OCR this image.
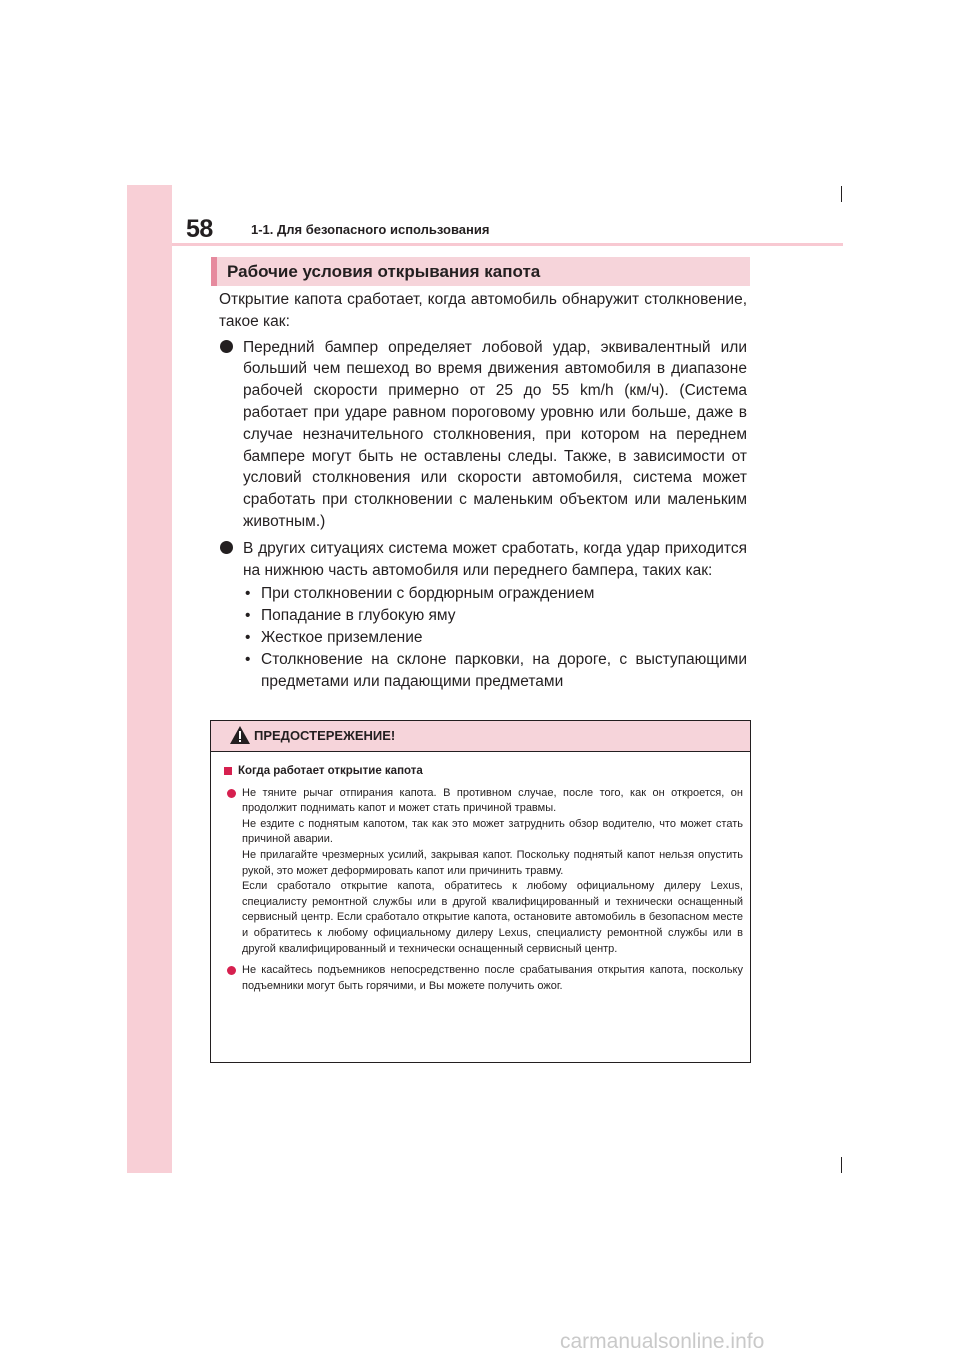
58	1-1. Для безопасного использования
Рабочие условия открывания капота

Открытие капота сработает, когда автомобиль обнаружит столкновение, такое как:

Передний бампер определяет лобовой удар, эквивалентный или больший чем пешеход во время движения автомобиля в диапазоне рабочей скорости примерно от 25 до 55 km/h (км/ч). (Система работает при ударе равном пороговому уровню или больше, даже в случае незначительного столкновения, при котором на переднем бампере могут быть не оставлены следы. Также, в зависимости от условий столкновения или скорости автомобиля, система может сработать при столкновении с маленьким объектом или маленьким животным.)
В других ситуациях система может сработать, когда удар приходится на нижнюю часть автомобиля или переднего бампера, таких как:
• При столкновении с бордюрным ограждением
• Попадание в глубокую яму
• Жесткое приземление
• Столкновение на склоне парковки, на дороге, с выступающими предметами или падающими предметами
ПРЕДОСТЕРЕЖЕНИЕ!
Когда работает открытие капота

Не тяните рычаг отпирания капота. В противном случае, после того, как он откроется, он продолжит поднимать капот и может стать причиной травмы.

Не ездите с поднятым капотом, так как это может затруднить обзор водителю, что может стать причиной аварии.

Не прилагайте чрезмерных усилий, закрывая капот. Поскольку поднятый капот нельзя опустить рукой, это может деформировать капот или причинить травму.

Если сработало открытие капота, обратитесь к любому официальному дилеру Lexus, специалисту ремонтной службы или в другой квалифицированный и технически оснащенный сервисный центр. Если сработало открытие капота, остановите автомобиль в безопасном месте и обратитесь к любому официальному дилеру Lexus, специалисту ремонтной службы или в другой квалифицированный и технически оснащенный сервисный центр.

Не касайтесь подъемников непосредственно после срабатывания открытия капота, поскольку подъемники могут быть горячими, и Вы можете получить ожог.

carmanualsonline.info
